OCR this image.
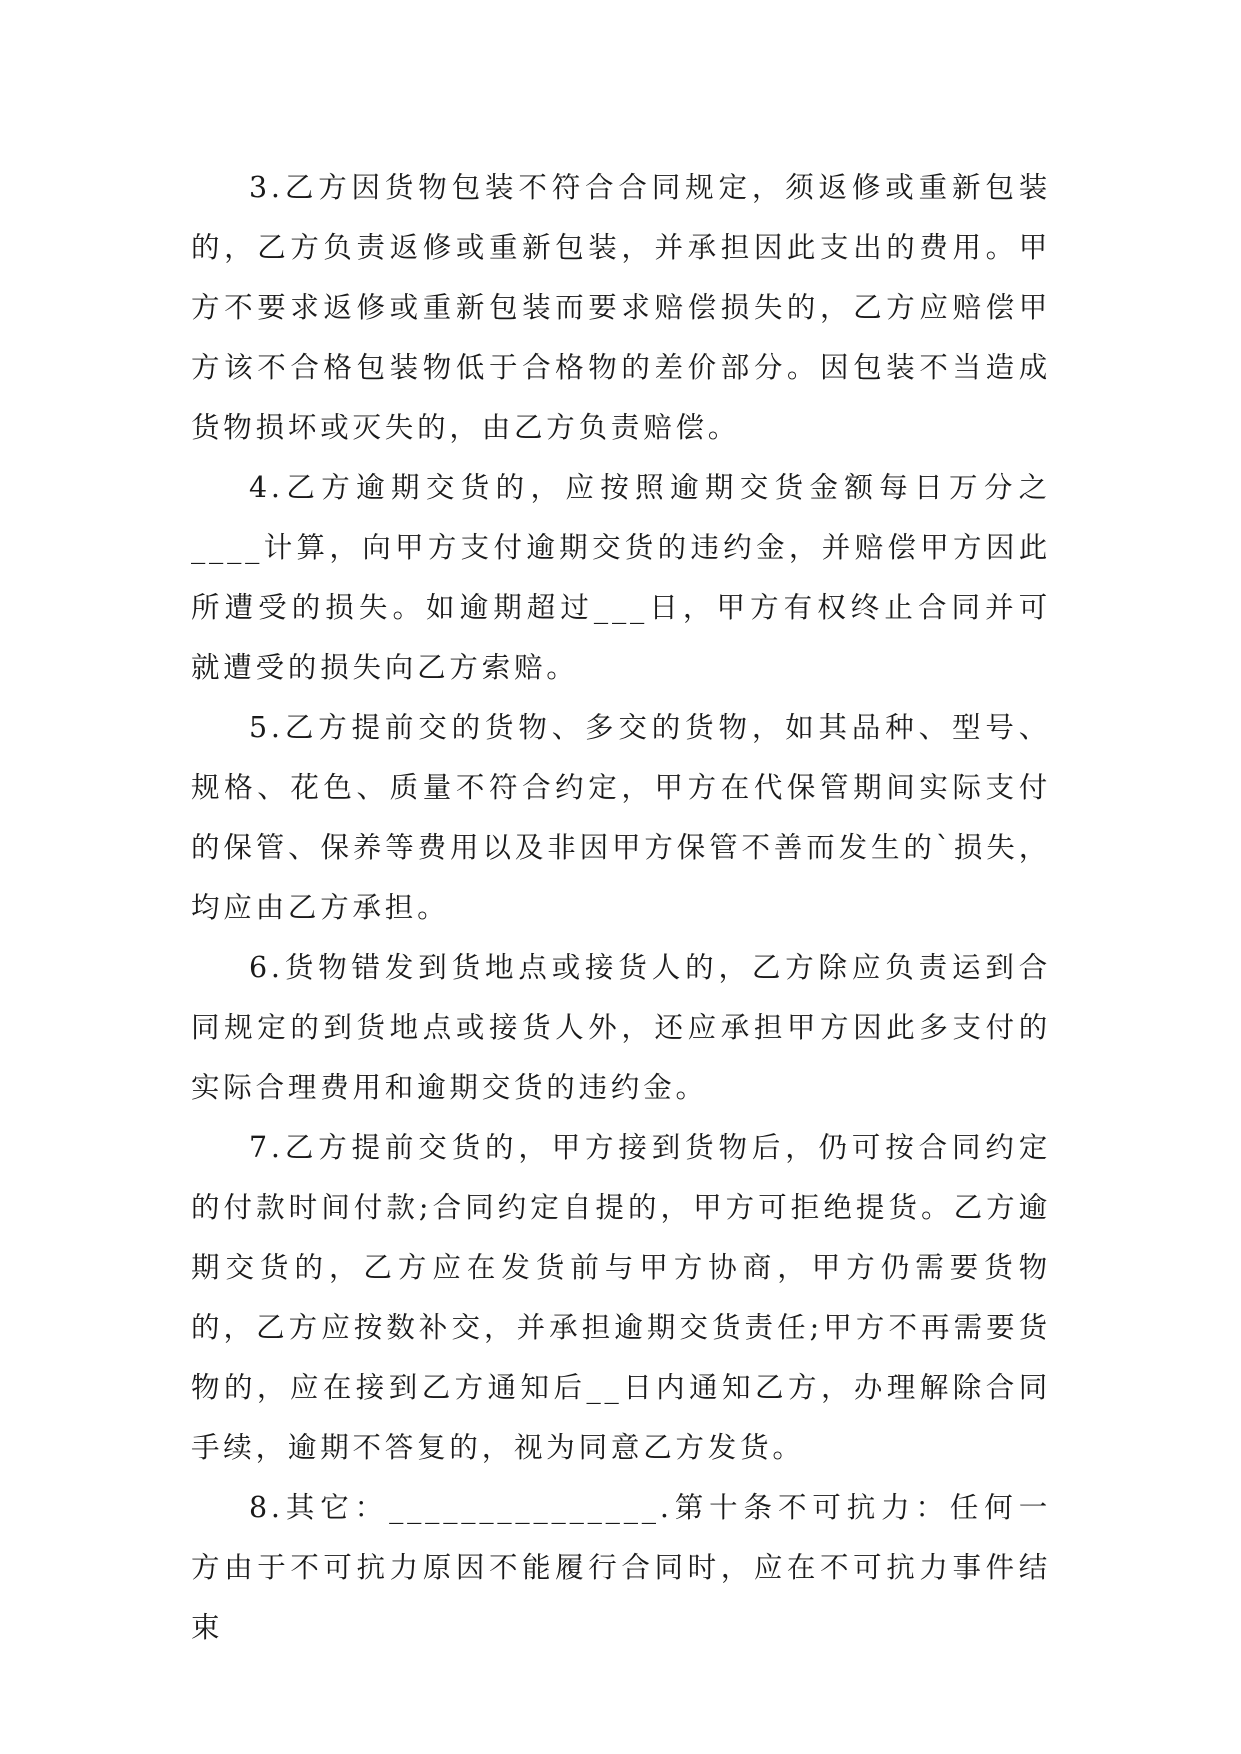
3.乙方因货物包装不符合合同规定，须返修或重新包装的，乙方负责返修或重新包装，并承担因此支出的费用。甲方不要求返修或重新包装而要求赔偿损失的，乙方应赔偿甲方该不合格包装物低于合格物的差价部分。因包装不当造成货物损坏或灭失的，由乙方负责赔偿。

4.乙方逾期交货的，应按照逾期交货金额每日万分之____计算，向甲方支付逾期交货的违约金，并赔偿甲方因此所遭受的损失。如逾期超过___日，甲方有权终止合同并可就遭受的损失向乙方索赔。

5.乙方提前交的货物、多交的货物，如其品种、型号、规格、花色、质量不符合约定，甲方在代保管期间实际支付的保管、保养等费用以及非因甲方保管不善而发生的`损失，均应由乙方承担。

6.货物错发到货地点或接货人的，乙方除应负责运到合同规定的到货地点或接货人外，还应承担甲方因此多支付的实际合理费用和逾期交货的违约金。

7.乙方提前交货的，甲方接到货物后，仍可按合同约定的付款时间付款;合同约定自提的，甲方可拒绝提货。乙方逾期交货的，乙方应在发货前与甲方协商，甲方仍需要货物的，乙方应按数补交，并承担逾期交货责任;甲方不再需要货物的，应在接到乙方通知后__日内通知乙方，办理解除合同手续，逾期不答复的，视为同意乙方发货。

8.其它：_______________.第十条不可抗力：任何一方由于不可抗力原因不能履行合同时，应在不可抗力事件结束
